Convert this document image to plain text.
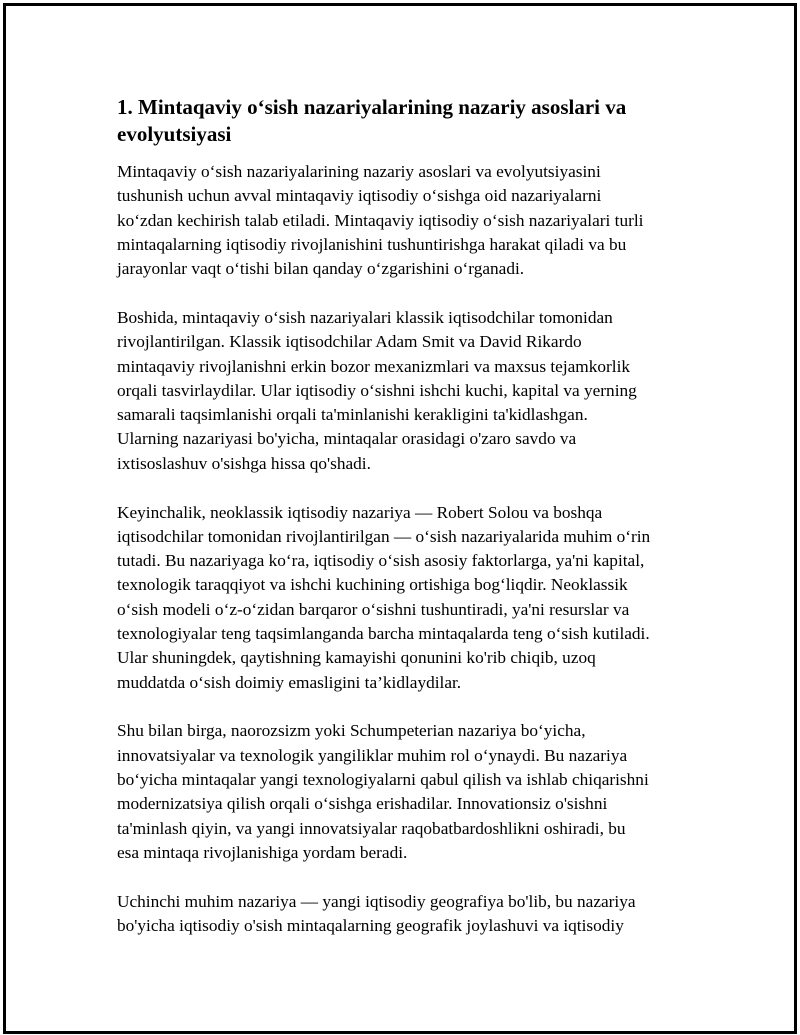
1. Mintaqaviy o‘sish nazariyalarining nazariy asoslari va
evolyutsiyasi

Mintaqaviy o‘sish nazariyalarining nazariy asoslari va evolyutsiyasini
tushunish uchun avval mintaqaviy iqtisodiy o‘sishga oid nazariyalarni
ko‘zdan kechirish talab etiladi. Mintaqaviy iqtisodiy o‘sish nazariyalari turli
mintaqalarning iqtisodiy rivojlanishini tushuntirishga harakat qiladi va bu
jarayonlar vaqt o‘tishi bilan qanday o‘zgarishini o‘rganadi.

Boshida, mintaqaviy o‘sish nazariyalari klassik iqtisodchilar tomonidan
rivojlantirilgan. Klassik iqtisodchilar Adam Smit va David Rikardo
mintaqaviy rivojlanishni erkin bozor mexanizmlari va maxsus tejamkorlik
orqali tasvirlaydilar. Ular iqtisodiy o‘sishni ishchi kuchi, kapital va yerning
samarali taqsimlanishi orqali ta'minlanishi kerakligini ta'kidlashgan.
Ularning nazariyasi bo'yicha, mintaqalar orasidagi o'zaro savdo va
ixtisoslashuv o'sishga hissa qo'shadi.

Keyinchalik, neoklassik iqtisodiy nazariya — Robert Solou va boshqa
iqtisodchilar tomonidan rivojlantirilgan — o‘sish nazariyalarida muhim o‘rin
tutadi. Bu nazariyaga ko‘ra, iqtisodiy o‘sish asosiy faktorlarga, ya'ni kapital,
texnologik taraqqiyot va ishchi kuchining ortishiga bog‘liqdir. Neoklassik
o‘sish modeli o‘z-o‘zidan barqaror o‘sishni tushuntiradi, ya'ni resurslar va
texnologiyalar teng taqsimlanganda barcha mintaqalarda teng o‘sish kutiladi.
Ular shuningdek, qaytishning kamayishi qonunini ko'rib chiqib, uzoq
muddatda o‘sish doimiy emasligini ta’kidlaydilar.

Shu bilan birga, naorozsizm yoki Schumpeterian nazariya bo‘yicha,
innovatsiyalar va texnologik yangiliklar muhim rol o‘ynaydi. Bu nazariya
bo‘yicha mintaqalar yangi texnologiyalarni qabul qilish va ishlab chiqarishni
modernizatsiya qilish orqali o‘sishga erishadilar. Innovationsiz o'sishni
ta'minlash qiyin, va yangi innovatsiyalar raqobatbardoshlikni oshiradi, bu
esa mintaqa rivojlanishiga yordam beradi.

Uchinchi muhim nazariya — yangi iqtisodiy geografiya bo'lib, bu nazariya
bo'yicha iqtisodiy o'sish mintaqalarning geografik joylashuvi va iqtisodiy
